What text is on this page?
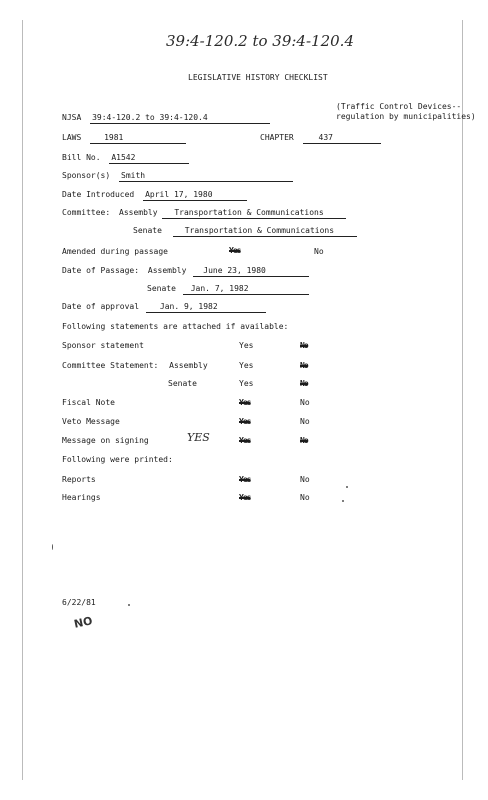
39:4-120.2 to 39:4-120.4
LEGISLATIVE HISTORY CHECKLIST
NJSA 39:4-120.2 to 39:4-120.4
(Traffic Control Devices--
regulation by municipalities)
LAWS	1981	CHAPTER	437
Bill No. A1542
Sponsor(s) Smith
Date Introduced April 17, 1980
Committee: Assembly Transportation & Communications
Senate	Transportation & Communications
Amended during passage	Yes	No
Date of Passage: Assembly June 23, 1980
Senate Jan. 7, 1982
Date of approval	Jan. 9, 1982
Following statements are attached if available:
Sponsor statement	Yes	No
Committee Statement: Assembly	Yes	No
Senate	Yes	No
Fiscal Note	Yes	No
Veto Message	Yes	No
Message on signing	YES	Yes	No
Following were printed:
Reports	Yes	No
Hearings	Yes	No
6/22/81
NO
